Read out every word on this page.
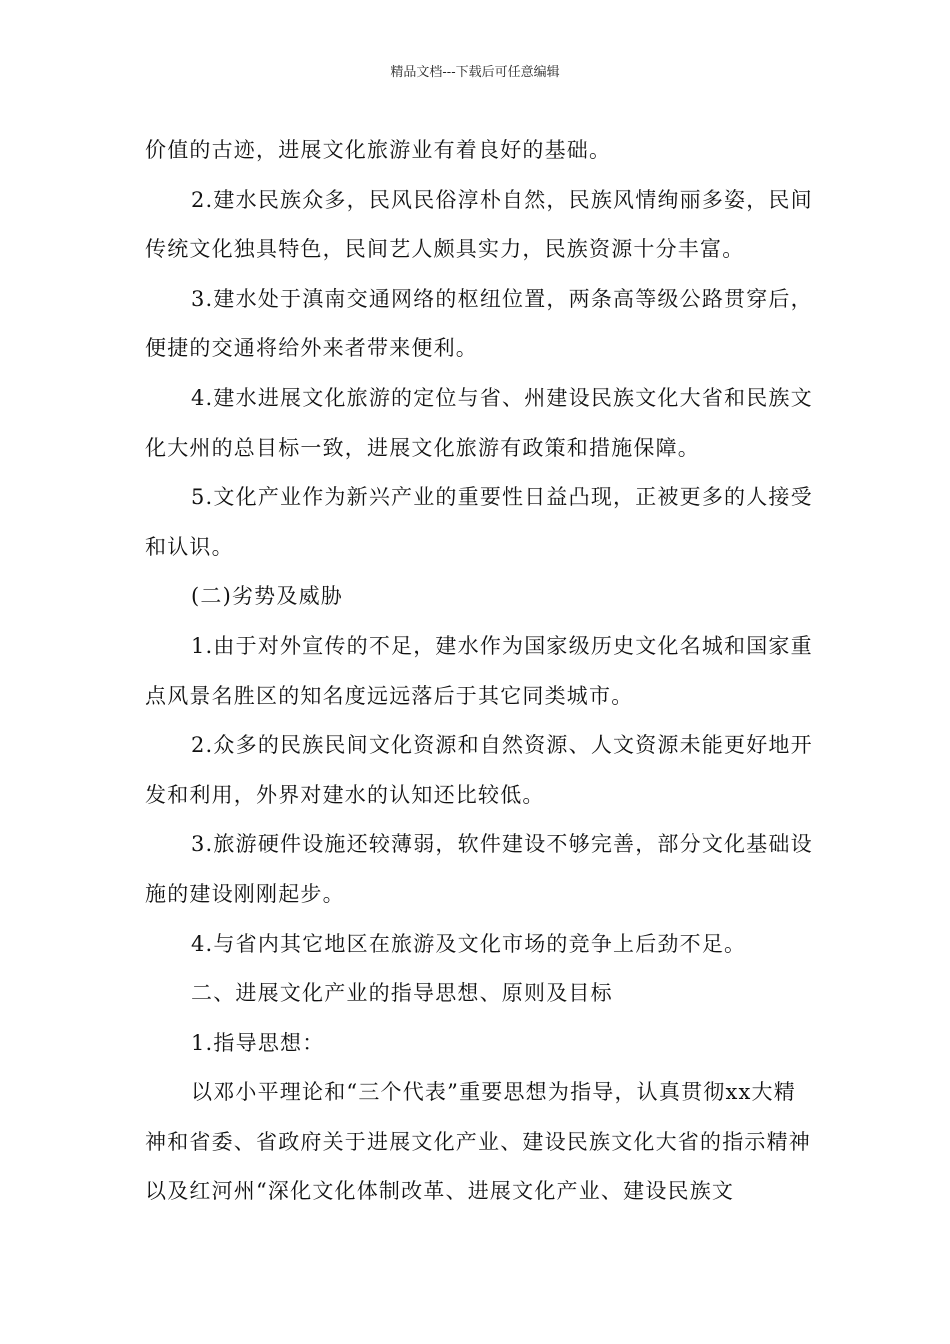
精品文档---下载后可任意编辑

价值的古迹，进展文化旅游业有着良好的基础。

2.建水民族众多，民风民俗淳朴自然，民族风情绚丽多姿，民间传统文化独具特色，民间艺人颇具实力，民族资源十分丰富。

3.建水处于滇南交通网络的枢纽位置，两条高等级公路贯穿后，便捷的交通将给外来者带来便利。

4.建水进展文化旅游的定位与省、州建设民族文化大省和民族文化大州的总目标一致，进展文化旅游有政策和措施保障。

5.文化产业作为新兴产业的重要性日益凸现，正被更多的人接受和认识。

(二)劣势及威胁

1.由于对外宣传的不足，建水作为国家级历史文化名城和国家重点风景名胜区的知名度远远落后于其它同类城市。

2.众多的民族民间文化资源和自然资源、人文资源未能更好地开发和利用，外界对建水的认知还比较低。

3.旅游硬件设施还较薄弱，软件建设不够完善，部分文化基础设施的建设刚刚起步。

4.与省内其它地区在旅游及文化市场的竞争上后劲不足。

二、进展文化产业的指导思想、原则及目标

1.指导思想：

以邓小平理论和“三个代表”重要思想为指导，认真贯彻xx大精神和省委、省政府关于进展文化产业、建设民族文化大省的指示精神以及红河州“深化文化体制改革、进展文化产业、建设民族文
